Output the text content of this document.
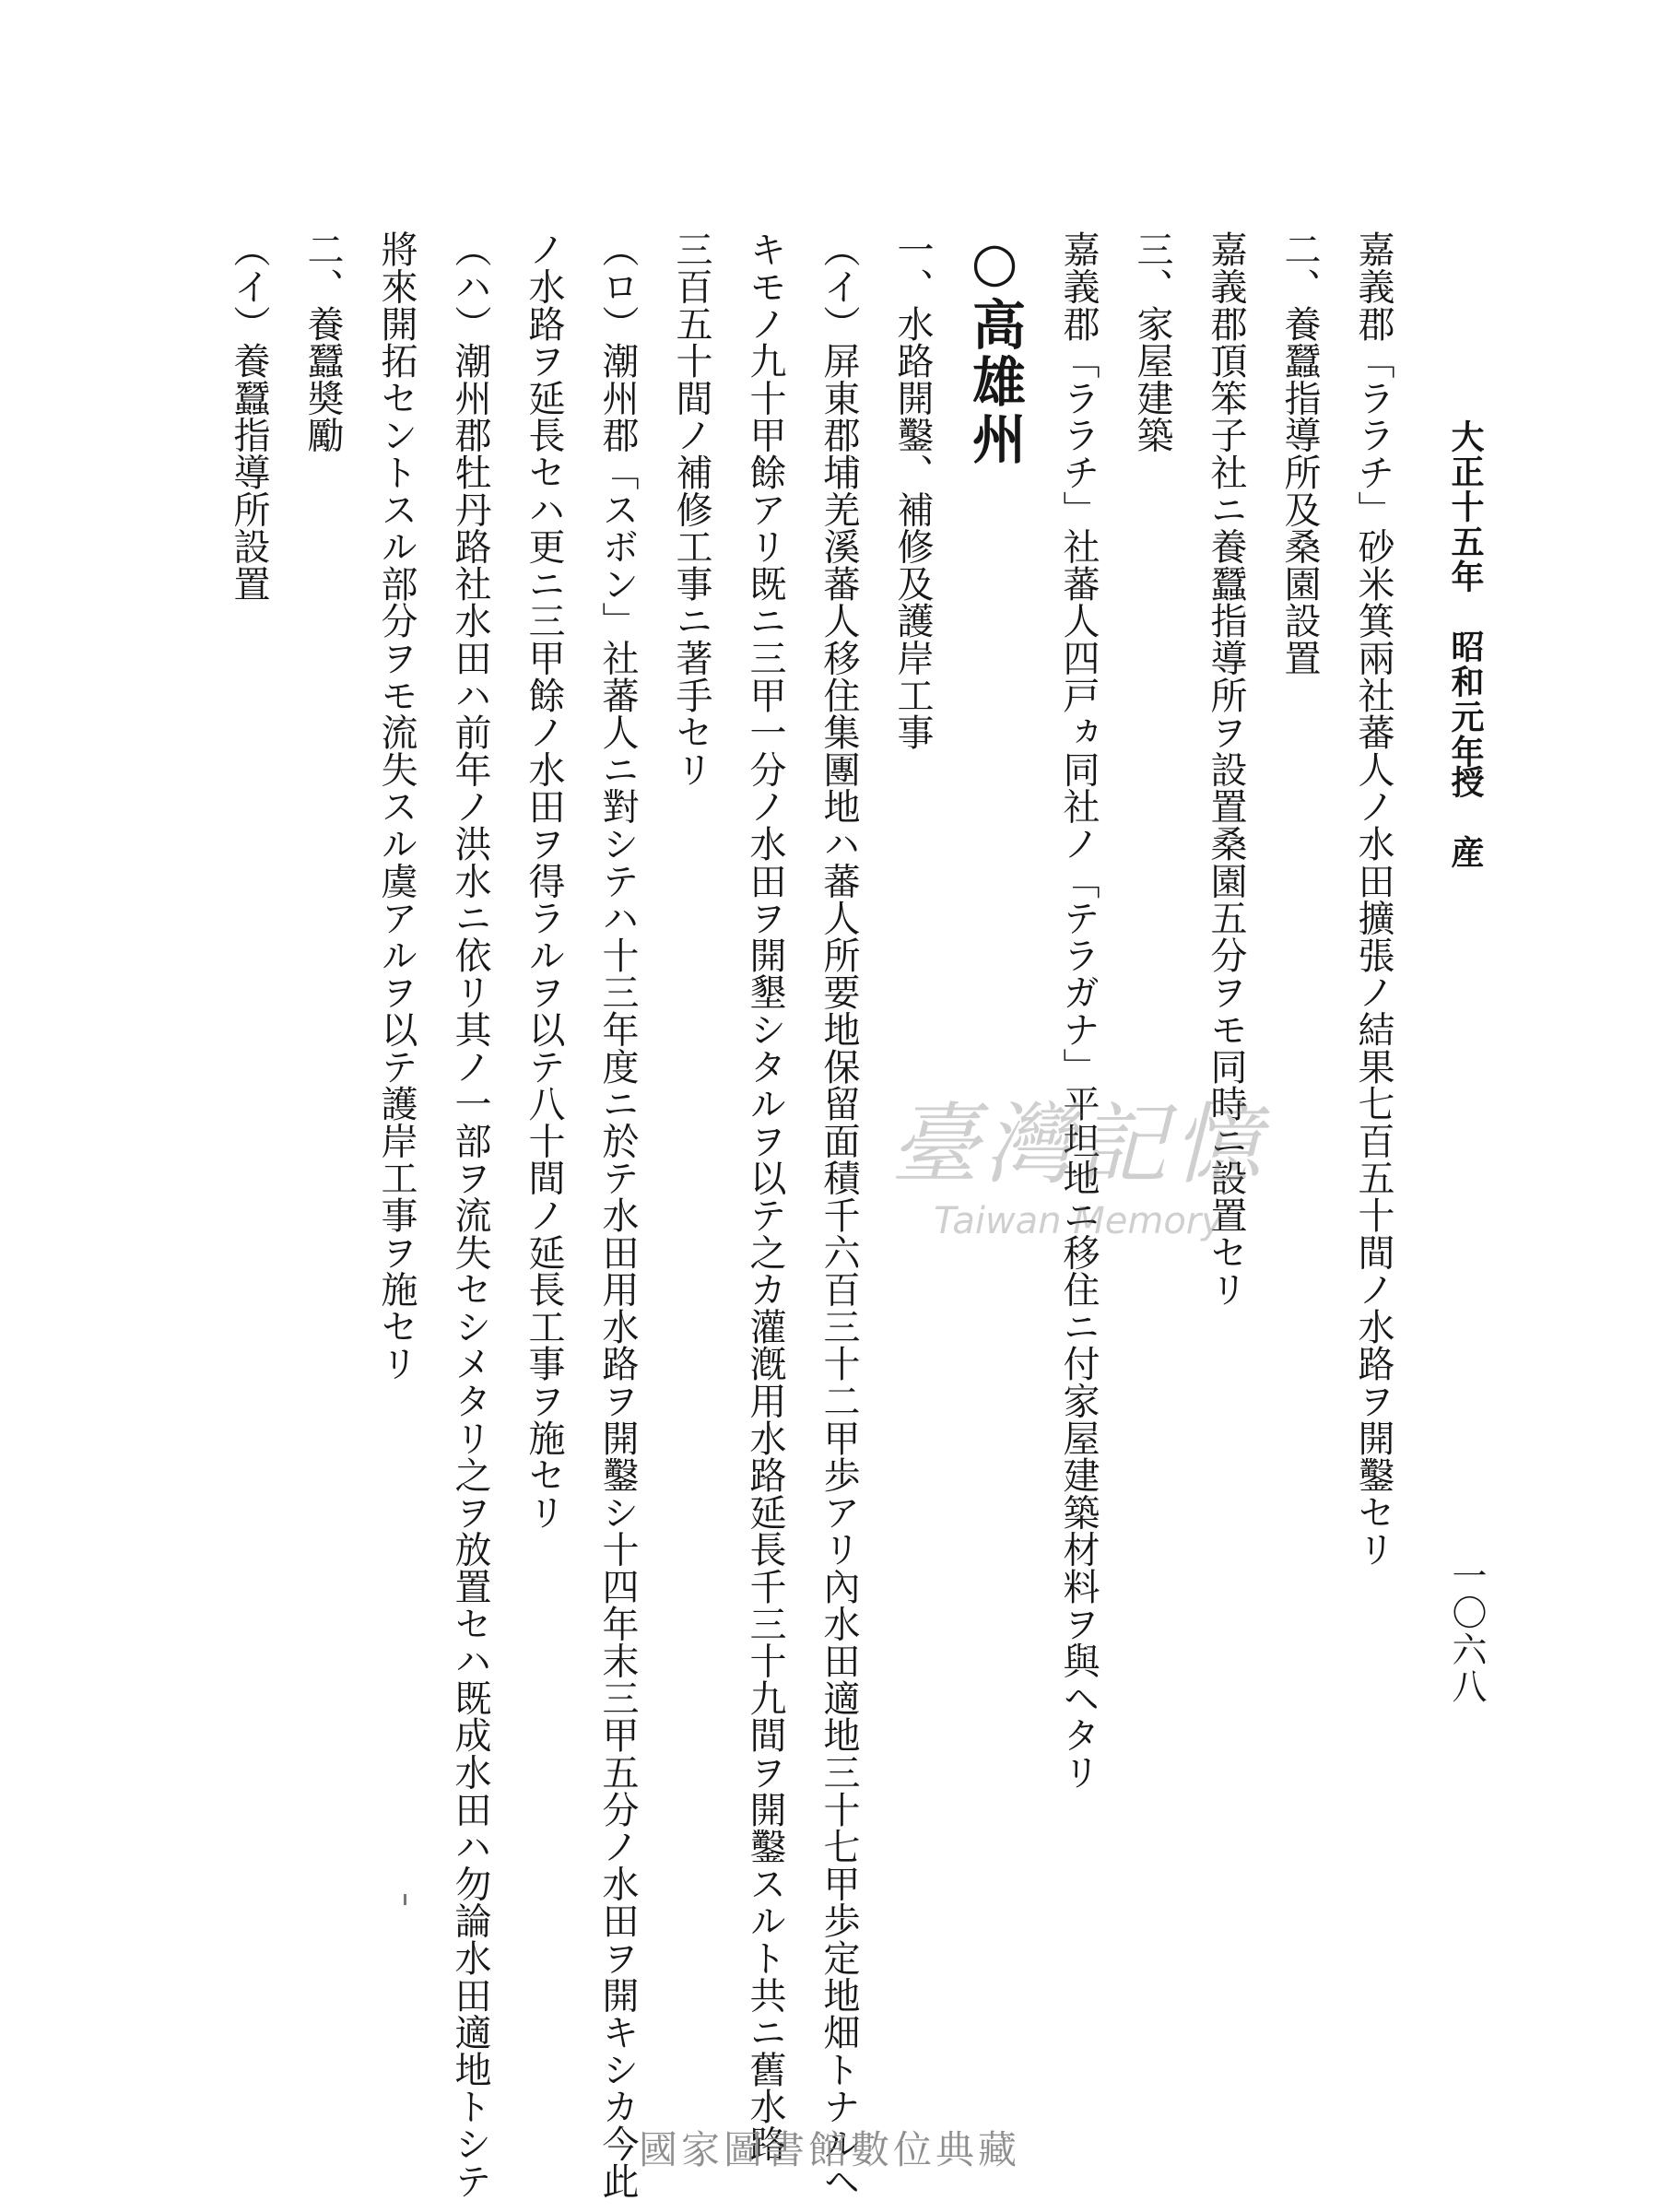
大正十五年　昭和元年
授　産
一〇六八
嘉義郡「ララチ」砂米箕兩社蕃人ノ水田擴張ノ結果七百五十間ノ水路ヲ開鑿セリ
二、養蠶指導所及桑園設置
嘉義郡頂笨子社ニ養蠶指導所ヲ設置桑園五分ヲモ同時ニ設置セリ
三、家屋建築
嘉義郡「ララチ」社蕃人四戸ヵ同社ノ「テラガナ」平坦地ニ移住ニ付家屋建築材料ヲ與ヘタリ
○高雄州
一、水路開鑿、補修及護岸工事
（イ）屏東郡埔羌溪蕃人移住集團地ハ蕃人所要地保留面積千六百三十二甲歩アリ內水田適地三十七甲歩定地畑トナルヘ
キモノ九十甲餘アリ既ニ三甲一分ノ水田ヲ開墾シタルヲ以テ之カ灌漑用水路延長千三十九間ヲ開鑿スルト共ニ舊水路
三百五十間ノ補修工事ニ著手セリ
（ロ）潮州郡「スボン」社蕃人ニ對シテハ十三年度ニ於テ水田用水路ヲ開鑿シ十四年末三甲五分ノ水田ヲ開キシカ今此
ノ水路ヲ延長セハ更ニ三甲餘ノ水田ヲ得ラルヲ以テ八十間ノ延長工事ヲ施セリ
（ハ）潮州郡牡丹路社水田ハ前年ノ洪水ニ依リ其ノ一部ヲ流失セシメタリ之ヲ放置セハ既成水田ハ勿論水田適地トシテ
將來開拓セントスル部分ヲモ流失スル虞アルヲ以テ護岸工事ヲ施セリ
二、養蠶奬勵
（イ）養蠶指導所設置
臺灣記憶
Taiwan Memory
國家圖書館數位典藏
